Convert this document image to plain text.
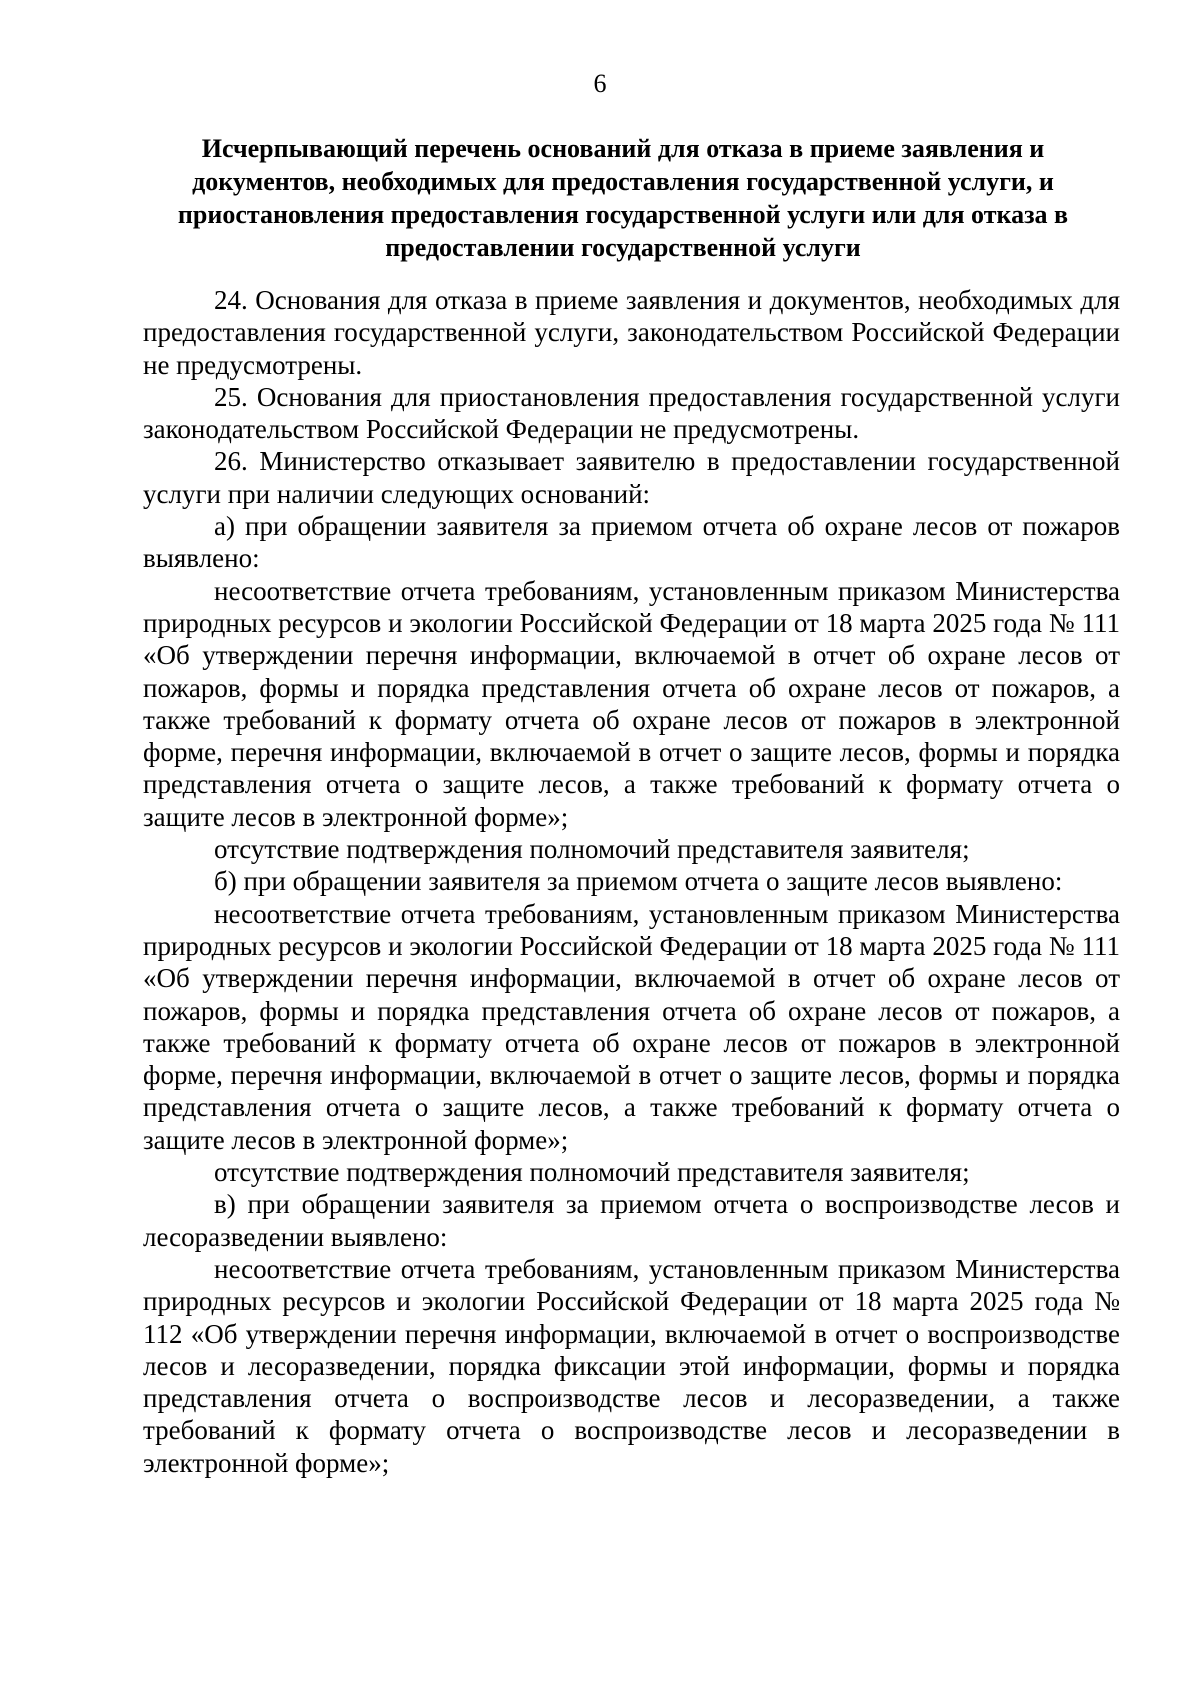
6
Исчерпывающий перечень оснований для отказа в приеме заявления и документов, необходимых для предоставления государственной услуги, и приостановления предоставления государственной услуги или для отказа в предоставлении государственной услуги

24. Основания для отказа в приеме заявления и документов, необходимых для предоставления государственной услуги, законодательством Российской Федерации не предусмотрены.

25. Основания для приостановления предоставления государственной услуги законодательством Российской Федерации не предусмотрены.

26. Министерство отказывает заявителю в предоставлении государственной услуги при наличии следующих оснований:

а) при обращении заявителя за приемом отчета об охране лесов от пожаров выявлено:

несоответствие отчета требованиям, установленным приказом Министерства природных ресурсов и экологии Российской Федерации от 18 марта 2025 года № 111 «Об утверждении перечня информации, включаемой в отчет об охране лесов от пожаров, формы и порядка представления отчета об охране лесов от пожаров, а также требований к формату отчета об охране лесов от пожаров в электронной форме, перечня информации, включаемой в отчет о защите лесов, формы и порядка представления отчета о защите лесов, а также требований к формату отчета о защите лесов в электронной форме»;

отсутствие подтверждения полномочий представителя заявителя;

б) при обращении заявителя за приемом отчета о защите лесов выявлено:

несоответствие отчета требованиям, установленным приказом Министерства природных ресурсов и экологии Российской Федерации от 18 марта 2025 года № 111 «Об утверждении перечня информации, включаемой в отчет об охране лесов от пожаров, формы и порядка представления отчета об охране лесов от пожаров, а также требований к формату отчета об охране лесов от пожаров в электронной форме, перечня информации, включаемой в отчет о защите лесов, формы и порядка представления отчета о защите лесов, а также требований к формату отчета о защите лесов в электронной форме»;

отсутствие подтверждения полномочий представителя заявителя;

в) при обращении заявителя за приемом отчета о воспроизводстве лесов и лесоразведении выявлено:

несоответствие отчета требованиям, установленным приказом Министерства природных ресурсов и экологии Российской Федерации от 18 марта 2025 года № 112 «Об утверждении перечня информации, включаемой в отчет о воспроизводстве лесов и лесоразведении, порядка фиксации этой информации, формы и порядка представления отчета о воспроизводстве лесов и лесоразведении, а также требований к формату отчета о воспроизводстве лесов и лесоразведении в электронной форме»;
